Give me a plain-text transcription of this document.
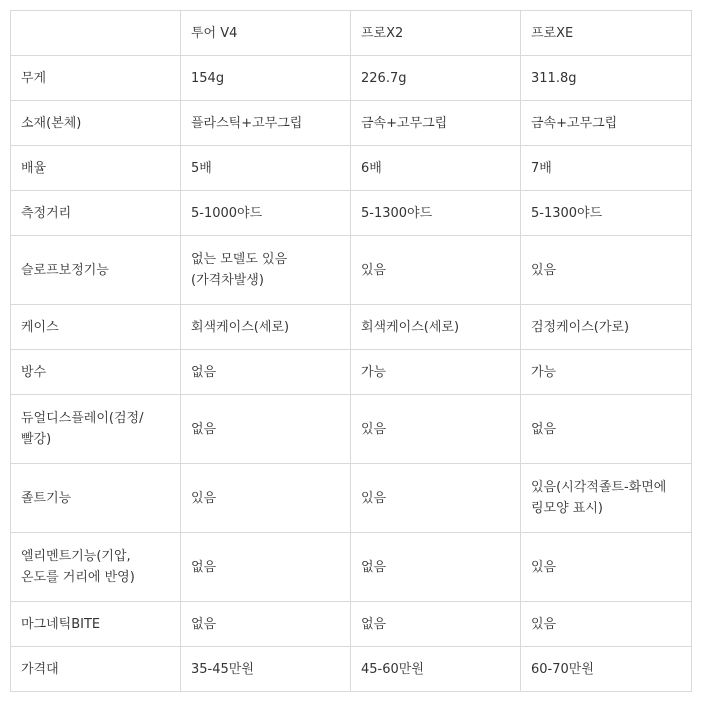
	투어 V4	프로X2	프로XE
무게	154g	226.7g	311.8g
소재(본체)	플라스틱+고무그립	금속+고무그립	금속+고무그립
배율	5배	6배	7배
측정거리	5-1000야드	5-1300야드	5-1300야드
슬로프보정기능	없는 모델도 있음(가격차발생)	있음	있음
케이스	회색케이스(세로)	회색케이스(세로)	검정케이스(가로)
방수	없음	가능	가능
듀얼디스플레이(검정/빨강)	없음	있음	없음
졸트기능	있음	있음	있음(시각적졸트-화면에 링모양 표시)
엘리멘트기능(기압, 온도를 거리에 반영)	없음	없음	있음
마그네틱BITE	없음	없음	있음
가격대	35-45만원	45-60만원	60-70만원
